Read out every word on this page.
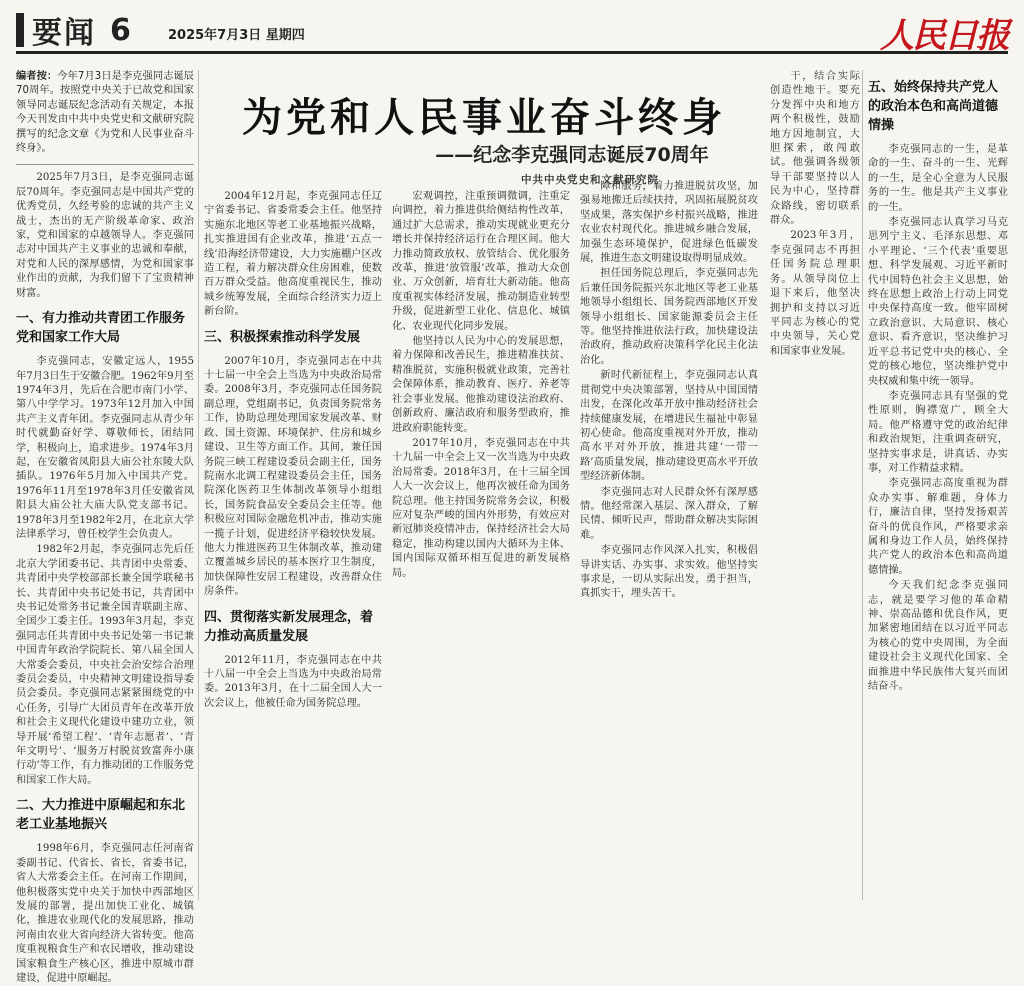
要闻 6	2025年7月3日 星期四	人民日报
为党和人民事业奋斗终身
——纪念李克强同志诞辰70周年
中共中央党史和文献研究院
编者按：今年7月3日是李克强同志诞辰70周年。按照党中央关于已故党和国家领导同志诞辰纪念活动有关规定，本报今天刊发由中共中央党史和文献研究院撰写的纪念文章《为党和人民事业奋斗终身》。

2025年7月3日，是李克强同志诞辰70周年。李克强同志是中国共产党的优秀党员，久经考验的忠诚的共产主义战士，杰出的无产阶级革命家、政治家，党和国家的卓越领导人。李克强同志对中国共产主义事业的忠诚和奉献，对党和人民的深厚感情，为党和国家事业作出的贡献，为我们留下了宝贵精神财富。

一、有力推动共青团工作服务党和国家工作大局

李克强同志，安徽定远人，1955年7月3日生于安徽合肥。1962年9月至1974年3月，先后在合肥市南门小学、第八中学学习。1973年12月加入中国共产主义青年团。李克强同志从青少年时代就勤奋好学、尊敬师长，团结同学，积极向上，追求进步。1974年3月起，在安徽省凤阳县大庙公社东陵大队插队。1976年5月加入中国共产党。1976年11月至1978年3月任安徽省凤阳县大庙公社大庙大队党支部书记。1978年3月至1982年2月，在北京大学法律系学习，曾任校学生会负责人。

1982年2月起，李克强同志先后任北京大学团委书记、共青团中央常委、共青团中央学校部部长兼全国学联秘书长、共青团中央书记处书记，共青团中央书记处常务书记兼全国青联副主席、全国少工委主任。1993年3月起，李克强同志任共青团中央书记处第一书记兼中国青年政治学院院长、第八届全国人大常委会委员，中央社会治安综合治理委员会委员，中央精神文明建设指导委员会委员。李克强同志紧紧围绕党的中心任务，引导广大团员青年在改革开放和社会主义现代化建设中建功立业，领导开展‘希望工程’、‘青年志愿者’、‘青年文明号’、‘服务万村脱贫致富奔小康行动’等工作，有力推动团的工作服务党和国家工作大局。

二、大力推进中原崛起和东北老工业基地振兴

1998年6月，李克强同志任河南省委副书记、代省长、省长，省委书记，省人大常委会主任。在河南工作期间，他积极落实党中央关于加快中西部地区发展的部署，提出加快工业化、城镇化，推进农业现代化的发展思路，推动河南由农业大省向经济大省转变。他高度重视粮食生产和农民增收，推动建设国家粮食生产核心区，推进中原城市群建设，促进中原崛起。

2004年12月起，李克强同志任辽宁省委书记、省委常委会主任。他坚持实施东北地区等老工业基地振兴战略，扎实推进国有企业改革，推进‘五点一线’沿海经济带建设，大力实施棚户区改造工程，着力解决群众住房困难，使数百万群众受益。他高度重视民生，推动城乡统筹发展，全面综合经济实力迈上新台阶。

三、积极探索推动科学发展

2007年10月，李克强同志在中共十七届一中全会上当选为中央政治局常委。2008年3月，李克强同志任国务院副总理，党组副书记，负责国务院常务工作，协助总理处理国家发展改革、财政、国土资源、环境保护、住房和城乡建设、卫生等方面工作。其间，兼任国务院三峡工程建设委员会副主任，国务院南水北调工程建设委员会主任，国务院深化医药卫生体制改革领导小组组长，国务院食品安全委员会主任等。他积极应对国际金融危机冲击，推动实施一揽子计划，促进经济平稳较快发展。他大力推进医药卫生体制改革，推动建立覆盖城乡居民的基本医疗卫生制度，加快保障性安居工程建设，改善群众住房条件。

四、贯彻落实新发展理念，着力推动高质量发展

2012年11月，李克强同志在中共十八届一中全会上当选为中央政治局常委。2013年3月，在十二届全国人大一次会议上，他被任命为国务院总理。

宏观调控，注重预调微调，注重定向调控，着力推进供给侧结构性改革，通过扩大总需求，推动实现就业更充分增长并保持经济运行在合理区间。他大力推动简政放权、放管结合、优化服务改革，推进‘放管服’改革，推动大众创业、万众创新，培育壮大新动能。他高度重视实体经济发展，推动制造业转型升级，促进新型工业化、信息化、城镇化、农业现代化同步发展。

他坚持以人民为中心的发展思想，着力保障和改善民生，推进精准扶贫、精准脱贫，实施积极就业政策，完善社会保障体系，推动教育、医疗、养老等社会事业发展。他推动建设法治政府、创新政府、廉洁政府和服务型政府，推进政府职能转变。

2017年10月，李克强同志在中共十九届一中全会上又一次当选为中央政治局常委。2018年3月，在十三届全国人大一次会议上，他再次被任命为国务院总理。他主持国务院常务会议，积极应对复杂严峻的国内外形势，有效应对新冠肺炎疫情冲击，保持经济社会大局稳定，推动构建以国内大循环为主体、国内国际双循环相互促进的新发展格局。

障和服务，着力推进脱贫攻坚，加强易地搬迁后续扶持，巩固拓展脱贫攻坚成果，落实保护乡村振兴战略，推进农业农村现代化。推进城乡融合发展，加强生态环境保护，促进绿色低碳发展，推进生态文明建设取得明显成效。

担任国务院总理后，李克强同志先后兼任国务院振兴东北地区等老工业基地领导小组组长、国务院西部地区开发领导小组组长、国家能源委员会主任等。他坚持推进依法行政，加快建设法治政府，推动政府决策科学化民主化法治化。

新时代新征程上，李克强同志认真贯彻党中央决策部署，坚持从中国国情出发，在深化改革开放中推动经济社会持续健康发展，在增进民生福祉中彰显初心使命。他高度重视对外开放，推动高水平对外开放，推进共建‘一带一路’高质量发展，推动建设更高水平开放型经济新体制。

李克强同志对人民群众怀有深厚感情。他经常深入基层、深入群众，了解民情、倾听民声，帮助群众解决实际困难。

李克强同志作风深入扎实，积极倡导讲实话、办实事、求实效。他坚持实事求是，一切从实际出发，勇于担当，真抓实干，埋头苦干。

干，结合实际创造性地干。要充分发挥中央和地方两个积极性，鼓励地方因地制宜，大胆探索，敢闯敢试。他强调各级领导干部要坚持以人民为中心，坚持群众路线，密切联系群众。

2023年3月，李克强同志不再担任国务院总理职务。从领导岗位上退下来后，他坚决拥护和支持以习近平同志为核心的党中央领导，关心党和国家事业发展。

五、始终保持共产党人的政治本色和高尚道德情操

李克强同志的一生，是革命的一生、奋斗的一生、光辉的一生，是全心全意为人民服务的一生。他是共产主义事业的一生。

李克强同志认真学习马克思列宁主义、毛泽东思想、邓小平理论、‘三个代表’重要思想、科学发展观、习近平新时代中国特色社会主义思想，始终在思想上政治上行动上同党中央保持高度一致。他牢固树立政治意识、大局意识、核心意识、看齐意识，坚决维护习近平总书记党中央的核心、全党的核心地位，坚决维护党中央权威和集中统一领导。

李克强同志具有坚强的党性原则，胸襟宽广，顾全大局。他严格遵守党的政治纪律和政治规矩，注重调查研究，坚持实事求是，讲真话、办实事，对工作精益求精。

李克强同志高度重视为群众办实事、解难题，身体力行，廉洁自律，坚持发扬艰苦奋斗的优良作风，严格要求亲属和身边工作人员，始终保持共产党人的政治本色和高尚道德情操。

今天我们纪念李克强同志，就是要学习他的革命精神、崇高品德和优良作风，更加紧密地团结在以习近平同志为核心的党中央周围，为全面建设社会主义现代化国家、全面推进中华民族伟大复兴而团结奋斗。
